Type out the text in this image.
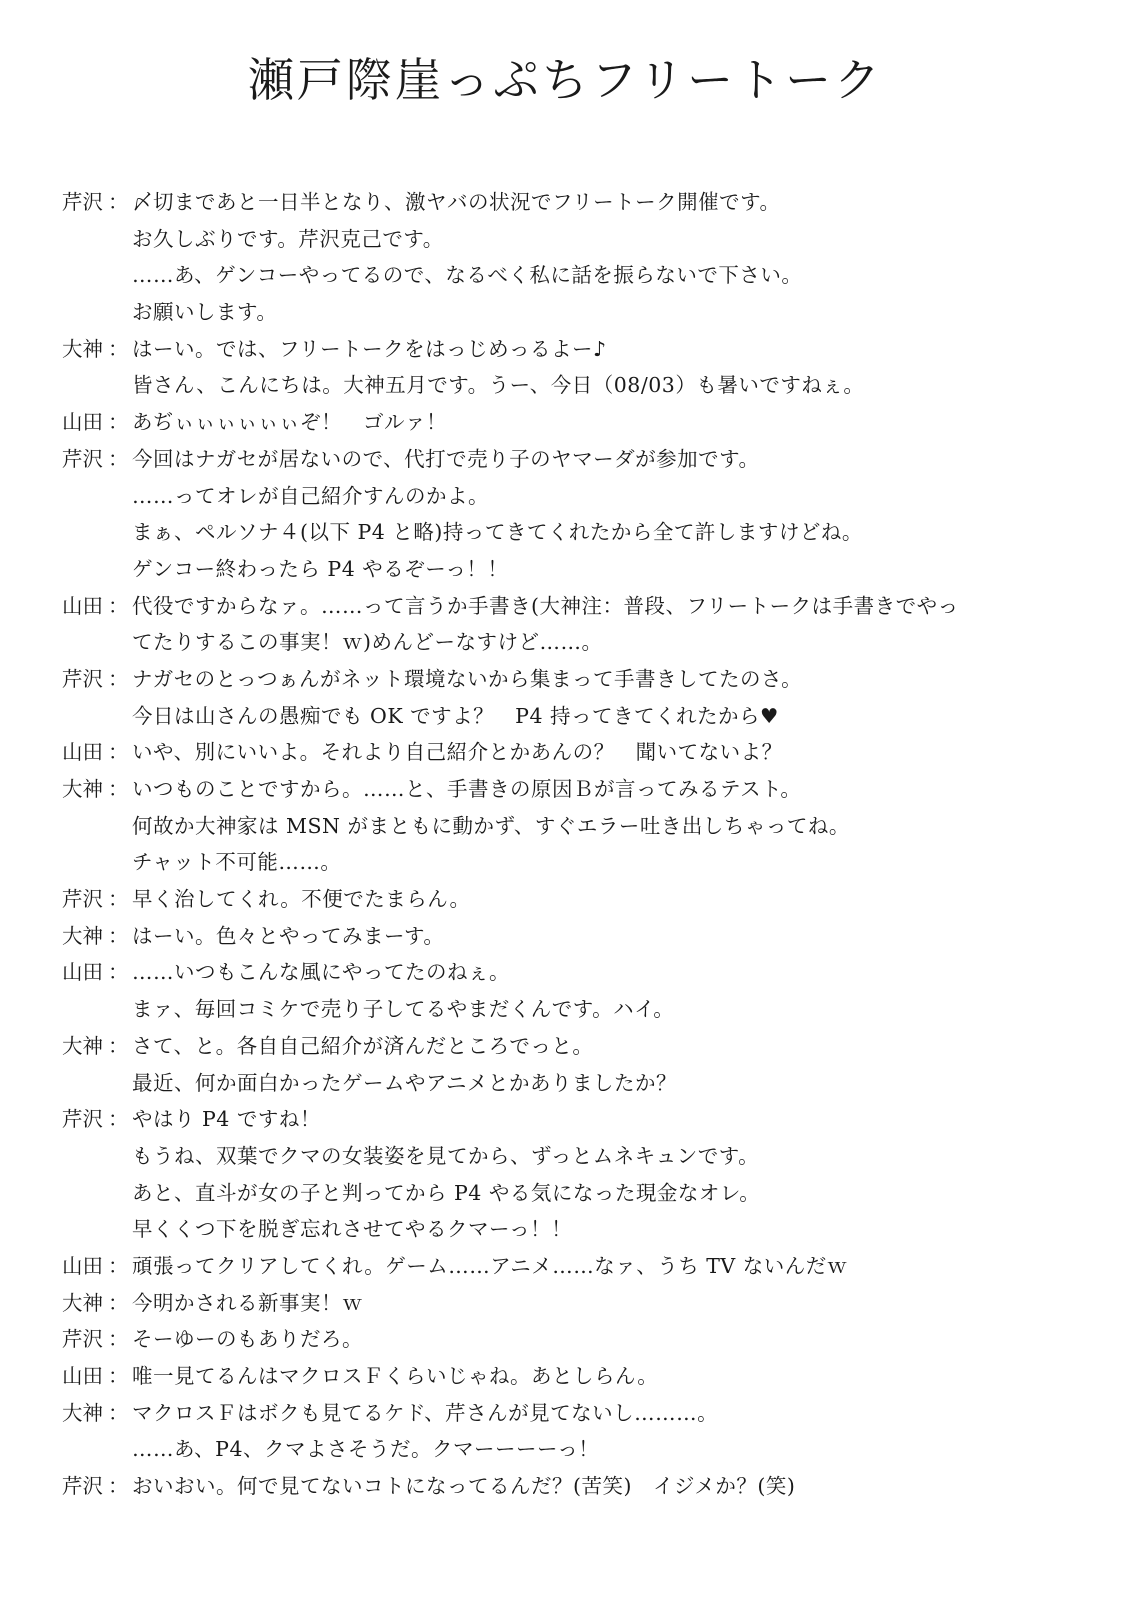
瀬戸際崖っぷちフリートーク
芹沢 ： 〆切まであと一日半となり、激ヤバの状況でフリートーク開催です。
お久しぶりです。芹沢克己です。
……あ、ゲンコーやってるので、なるべく私に話を振らないで下さい。
お願いします。
大神 ： はーい。では、フリートークをはっじめっるよー♪
皆さん、こんにちは。大神五月です。うー、今日（08/03）も暑いですねぇ。
山田 ： あぢぃぃぃぃぃぃぞ！　ゴルァ！
芹沢 ： 今回はナガセが居ないので、代打で売り子のヤマーダが参加です。
……ってオレが自己紹介すんのかよ。
まぁ、ペルソナ４(以下 P4 と略)持ってきてくれたから全て許しますけどね。
ゲンコー終わったら P4 やるぞーっ！！
山田 ： 代役ですからなァ。……って言うか手書き(大神注：普段、フリートークは手書きでやっ
てたりするこの事実！ｗ)めんどーなすけど……。
芹沢 ： ナガセのとっつぁんがネット環境ないから集まって手書きしてたのさ。
今日は山さんの愚痴でも OK ですよ？　P4 持ってきてくれたから♥
山田 ： いや、別にいいよ。それより自己紹介とかあんの？　聞いてないよ？
大神 ： いつものことですから。……と、手書きの原因Ｂが言ってみるテスト。
何故か大神家は MSN がまともに動かず、すぐエラー吐き出しちゃってね。
チャット不可能……。
芹沢 ： 早く治してくれ。不便でたまらん。
大神 ： はーい。色々とやってみまーす。
山田 ： ……いつもこんな風にやってたのねぇ。
まァ、毎回コミケで売り子してるやまだくんです。ハイ。
大神 ： さて、と。各自自己紹介が済んだところでっと。
最近、何か面白かったゲームやアニメとかありましたか？
芹沢 ： やはり P4 ですね！
もうね、双葉でクマの女装姿を見てから、ずっとムネキュンです。
あと、直斗が女の子と判ってから P4 やる気になった現金なオレ。
早くくつ下を脱ぎ忘れさせてやるクマーっ！！
山田 ： 頑張ってクリアしてくれ。ゲーム……アニメ……なァ、うち TV ないんだｗ
大神 ： 今明かされる新事実！ｗ
芹沢 ： そーゆーのもありだろ。
山田 ： 唯一見てるんはマクロスＦくらいじゃね。あとしらん。
大神 ： マクロスＦはボクも見てるケド、芹さんが見てないし………。
……あ、P4、クマよさそうだ。クマーーーーっ！
芹沢 ： おいおい。何で見てないコトになってるんだ？(苦笑)　イジメか？(笑)
